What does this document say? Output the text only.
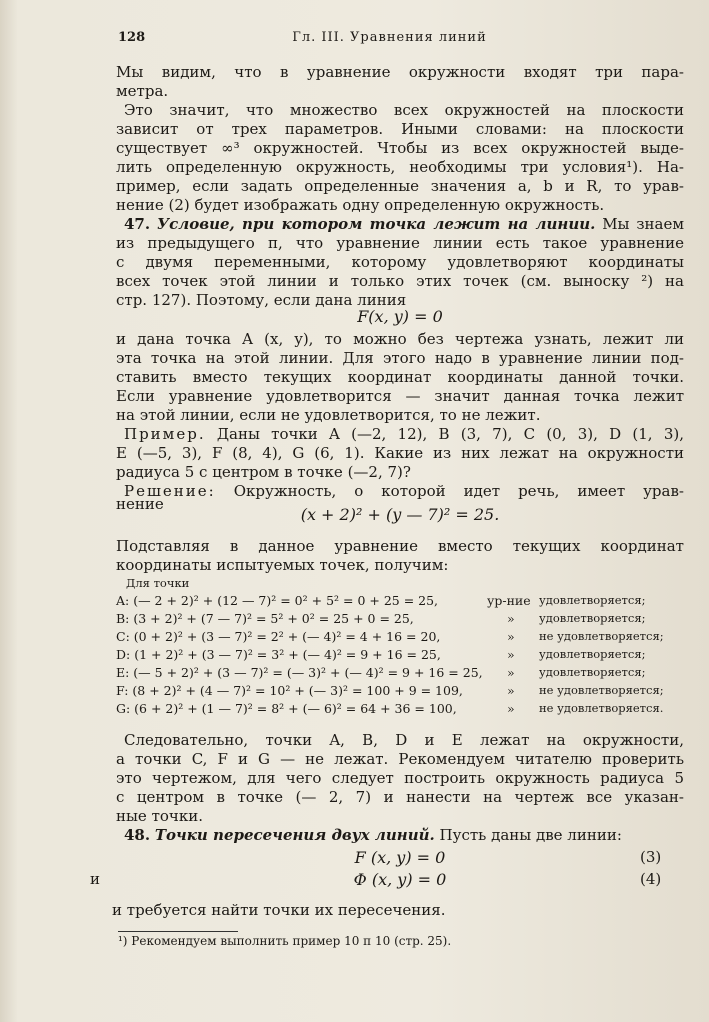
128	Гл. III. Уравнения линий
Мы видим, что в уравнение окружности входят три пара-
метра.
Это значит, что множество всех окружностей на плоскости
зависит от трех параметров. Иными словами: на плоскости
существует ∞³ окружностей. Чтобы из всех окружностей выде-
лить определенную окружность, необходимы три условия¹). На-
пример, если задать определенные значения a, b и R, то урав-
нение (2) будет изображать одну определенную окружность.
47. Условие, при котором точка лежит на линии. Мы знаем
из предыдущего п, что уравнение линии есть такое уравнение
с двумя переменными, которому удовлетворяют координаты
всех точек этой линии и только этих точек (см. выноску ²) на
стр. 127). Поэтому, если дана линия
F(x, y) = 0
и дана точка A (x, y), то можно без чертежа узнать, лежит ли
эта точка на этой линии. Для этого надо в уравнение линии под-
ставить вместо текущих координат координаты данной точки.
Если уравнение удовлетворится — значит данная точка лежит
на этой линии, если не удовлетворится, то не лежит.
Пример. Даны точки A (—2, 12), B (3, 7), C (0, 3), D (1, 3),
E (—5, 3), F (8, 4), G (6, 1). Какие из них лежат на окружности
радиуса 5 с центром в точке (—2, 7)?
Решение: Окружность, о которой идет речь, имеет урав-
нение
(x + 2)² + (y — 7)² = 25.
Подставляя в данное уравнение вместо текущих координат
координаты испытуемых точек, получим:
Для точки
A: (— 2 + 2)² + (12 — 7)² = 0² + 5² = 0 + 25 = 25,	ур-ние удовлетворяется;
B: (3 + 2)² + (7 — 7)² = 5² + 0² = 25 + 0 = 25,	»	удовлетворяется;
C: (0 + 2)² + (3 — 7)² = 2² + (— 4)² = 4 + 16 = 20,	»	не удовлетворяется;
D: (1 + 2)² + (3 — 7)² = 3² + (— 4)² = 9 + 16 = 25,	»	удовлетворяется;
E: (— 5 + 2)² + (3 — 7)² = (— 3)² + (— 4)² = 9 + 16 = 25,	»	удовлетворяется;
F: (8 + 2)² + (4 — 7)² = 10² + (— 3)² = 100 + 9 = 109,	»	не удовлетворяется;
G: (6 + 2)² + (1 — 7)² = 8² + (— 6)² = 64 + 36 = 100,	»	не удовлетворяется.
Следовательно, точки A, B, D и E лежат на окружности,
а точки C, F и G — не лежат. Рекомендуем читателю проверить
это чертежом, для чего следует построить окружность радиуса 5
с центром в точке (— 2, 7) и нанести на чертеж все указан-
ные точки.
48. Точки пересечения двух линий. Пусть даны две линии:
F (x, y) = 0	(3)
и	Φ (x, y) = 0	(4)
и требуется найти точки их пересечения.
¹) Рекомендуем выполнить пример 10 п 10 (стр. 25).
